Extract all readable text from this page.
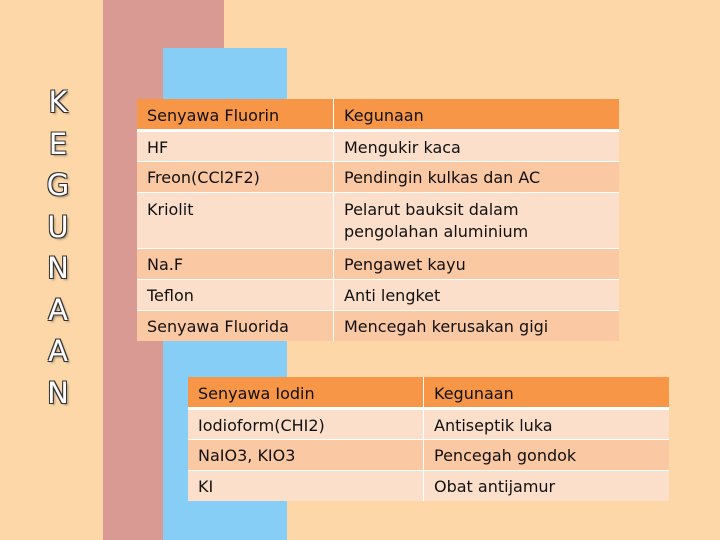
K
E
G
U
N
A
A
N
Senyawa Fluorin	Kegunaan
HF	Mengukir kaca
Freon(CCl2F2)	Pendingin kulkas dan AC
Kriolit	Pelarut bauksit dalam pengolahan aluminium
Na.F	Pengawet kayu
Teflon	Anti lengket
Senyawa Fluorida	Mencegah kerusakan gigi
Senyawa Iodin	Kegunaan
Iodioform(CHI2)	Antiseptik luka
NaIO3, KIO3	Pencegah gondok
KI	Obat antijamur
